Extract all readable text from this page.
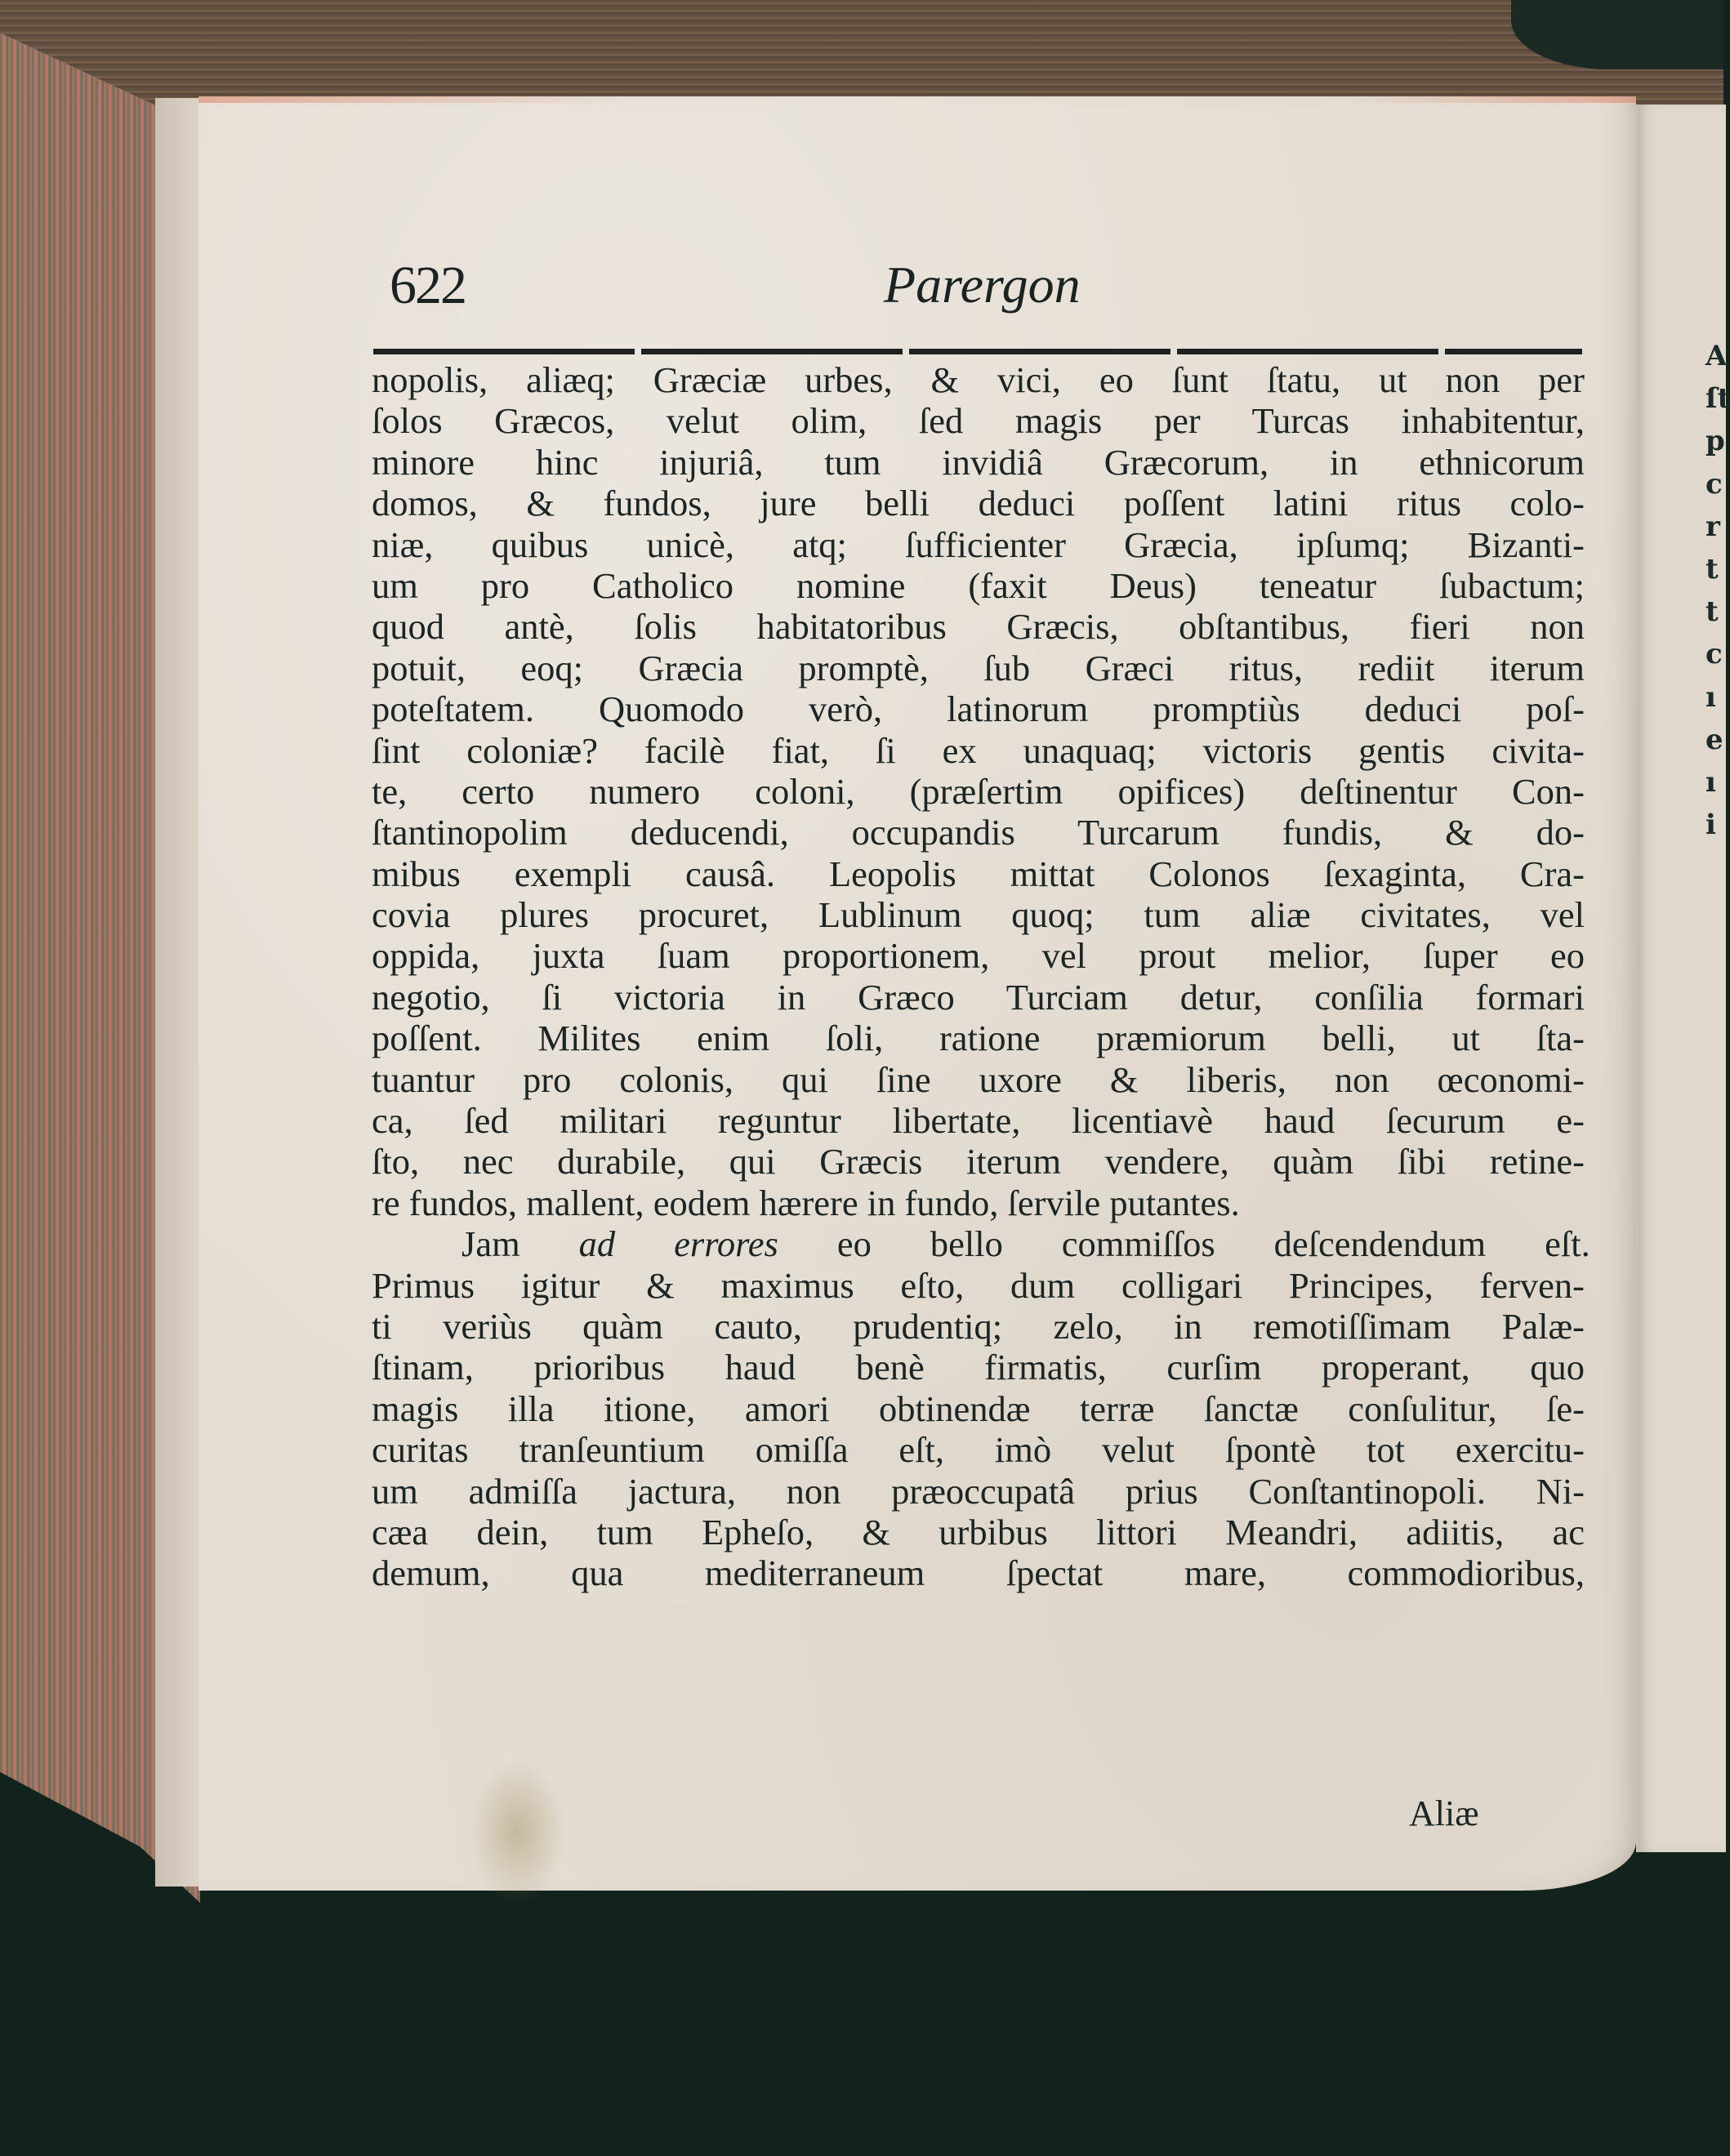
A
ſt
p
c
r
t
t
c
ı
e
ı
i
622	Parergon
nopolis, aliæq; Græciæ urbes, & vici, eo ſunt ſtatu, ut non per
ſolos Græcos, velut olim, ſed magis per Turcas inhabitentur,
minore hinc injuriâ, tum invidiâ Græcorum, in ethnicorum
domos, & fundos, jure belli deduci poſſent latini ritus colo-
niæ, quibus unicè, atq; ſufficienter Græcia, ipſumq; Bizanti-
um pro Catholico nomine (faxit Deus) teneatur ſubactum;
quod antè, ſolis habitatoribus Græcis, obſtantibus, fieri non
potuit, eoq; Græcia promptè, ſub Græci ritus, rediit iterum
poteſtatem. Quomodo verò, latinorum promptiùs deduci poſ-
ſint coloniæ? facilè fiat, ſi ex unaquaq; victoris gentis civita-
te, certo numero coloni, (præſertim opifices) deſtinentur Con-
ſtantinopolim deducendi, occupandis Turcarum fundis, & do-
mibus exempli causâ. Leopolis mittat Colonos ſexaginta, Cra-
covia plures procuret, Lublinum quoq; tum aliæ civitates, vel
oppida, juxta ſuam proportionem, vel prout melior, ſuper eo
negotio, ſi victoria in Græco Turciam detur, conſilia formari
poſſent. Milites enim ſoli, ratione præmiorum belli, ut ſta-
tuantur pro colonis, qui ſine uxore & liberis, non œconomi-
ca, ſed militari reguntur libertate, licentiavè haud ſecurum e-
ſto, nec durabile, qui Græcis iterum vendere, quàm ſibi retine-
re fundos, mallent, eodem hærere in fundo, ſervile putantes.
Jam ad errores eo bello commiſſos deſcendendum eſt.
Primus igitur & maximus eſto, dum colligari Principes, ferven-
ti veriùs quàm cauto, prudentiq; zelo, in remotiſſimam Palæ-
ſtinam, prioribus haud benè firmatis, curſim properant, quo
magis illa itione, amori obtinendæ terræ ſanctæ conſulitur, ſe-
curitas tranſeuntium omiſſa eſt, imò velut ſpontè tot exercitu-
um admiſſa jactura, non præoccupatâ prius Conſtantinopoli. Ni-
cæa dein, tum Epheſo, & urbibus littori Meandri, adiitis, ac
demum, qua mediterraneum ſpectat mare, commodioribus,
Aliæ
